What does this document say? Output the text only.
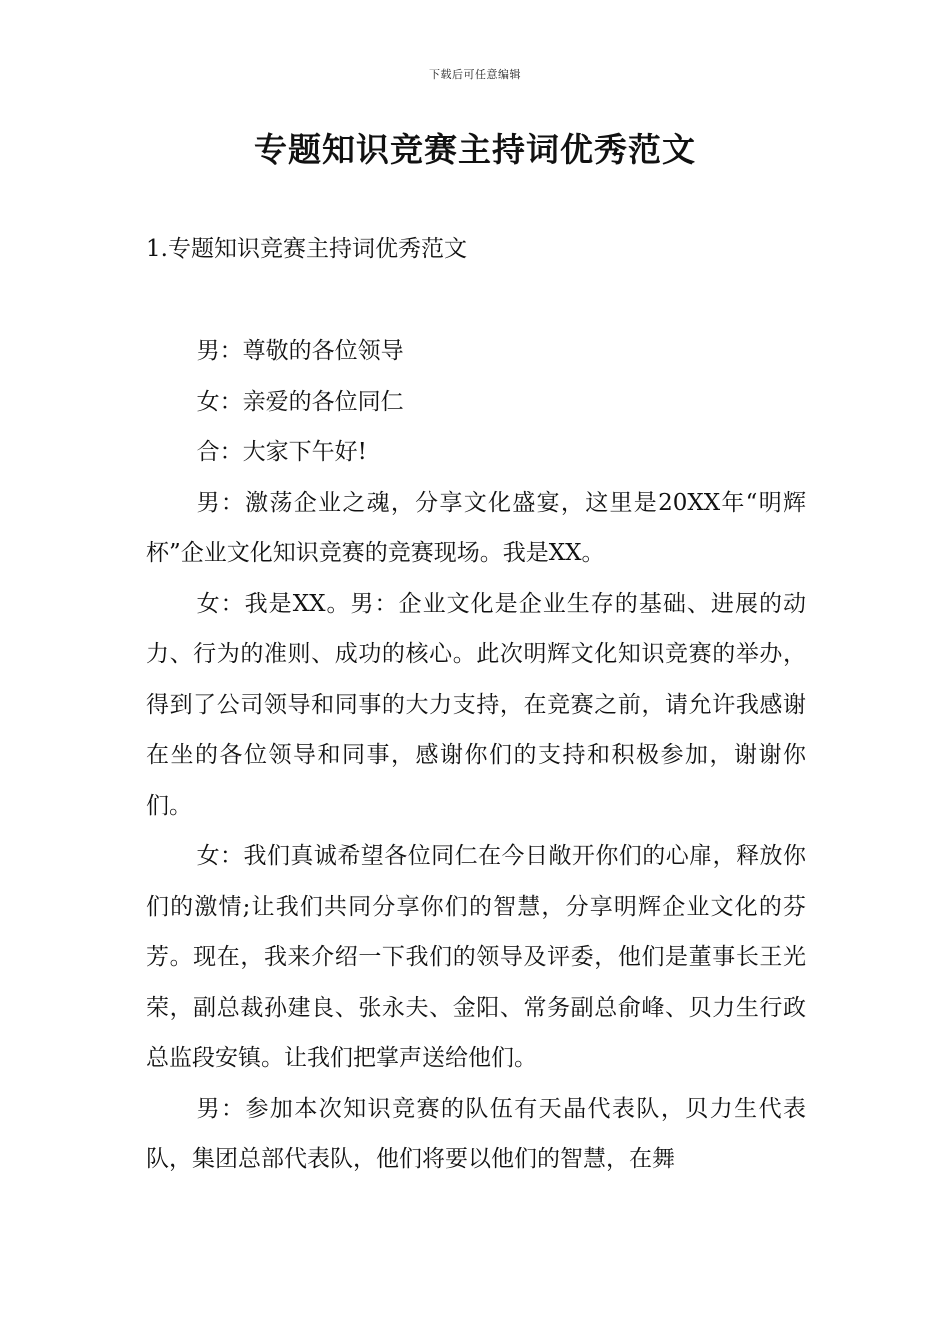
下载后可任意编辑
专题知识竞赛主持词优秀范文
1.专题知识竞赛主持词优秀范文

男：尊敬的各位领导

女：亲爱的各位同仁

合：大家下午好!

男：激荡企业之魂，分享文化盛宴，这里是20XX年“明辉杯”企业文化知识竞赛的竞赛现场。我是XX。

女：我是XX。男：企业文化是企业生存的基础、进展的动力、行为的准则、成功的核心。此次明辉文化知识竞赛的举办，得到了公司领导和同事的大力支持，在竞赛之前，请允许我感谢在坐的各位领导和同事，感谢你们的支持和积极参加，谢谢你们。

女：我们真诚希望各位同仁在今日敞开你们的心扉，释放你们的激情;让我们共同分享你们的智慧，分享明辉企业文化的芬芳。现在，我来介绍一下我们的领导及评委，他们是董事长王光荣，副总裁孙建良、张永夫、金阳、常务副总俞峰、贝力生行政总监段安镇。让我们把掌声送给他们。

男：参加本次知识竞赛的队伍有天晶代表队，贝力生代表队，集团总部代表队，他们将要以他们的智慧，在舞
